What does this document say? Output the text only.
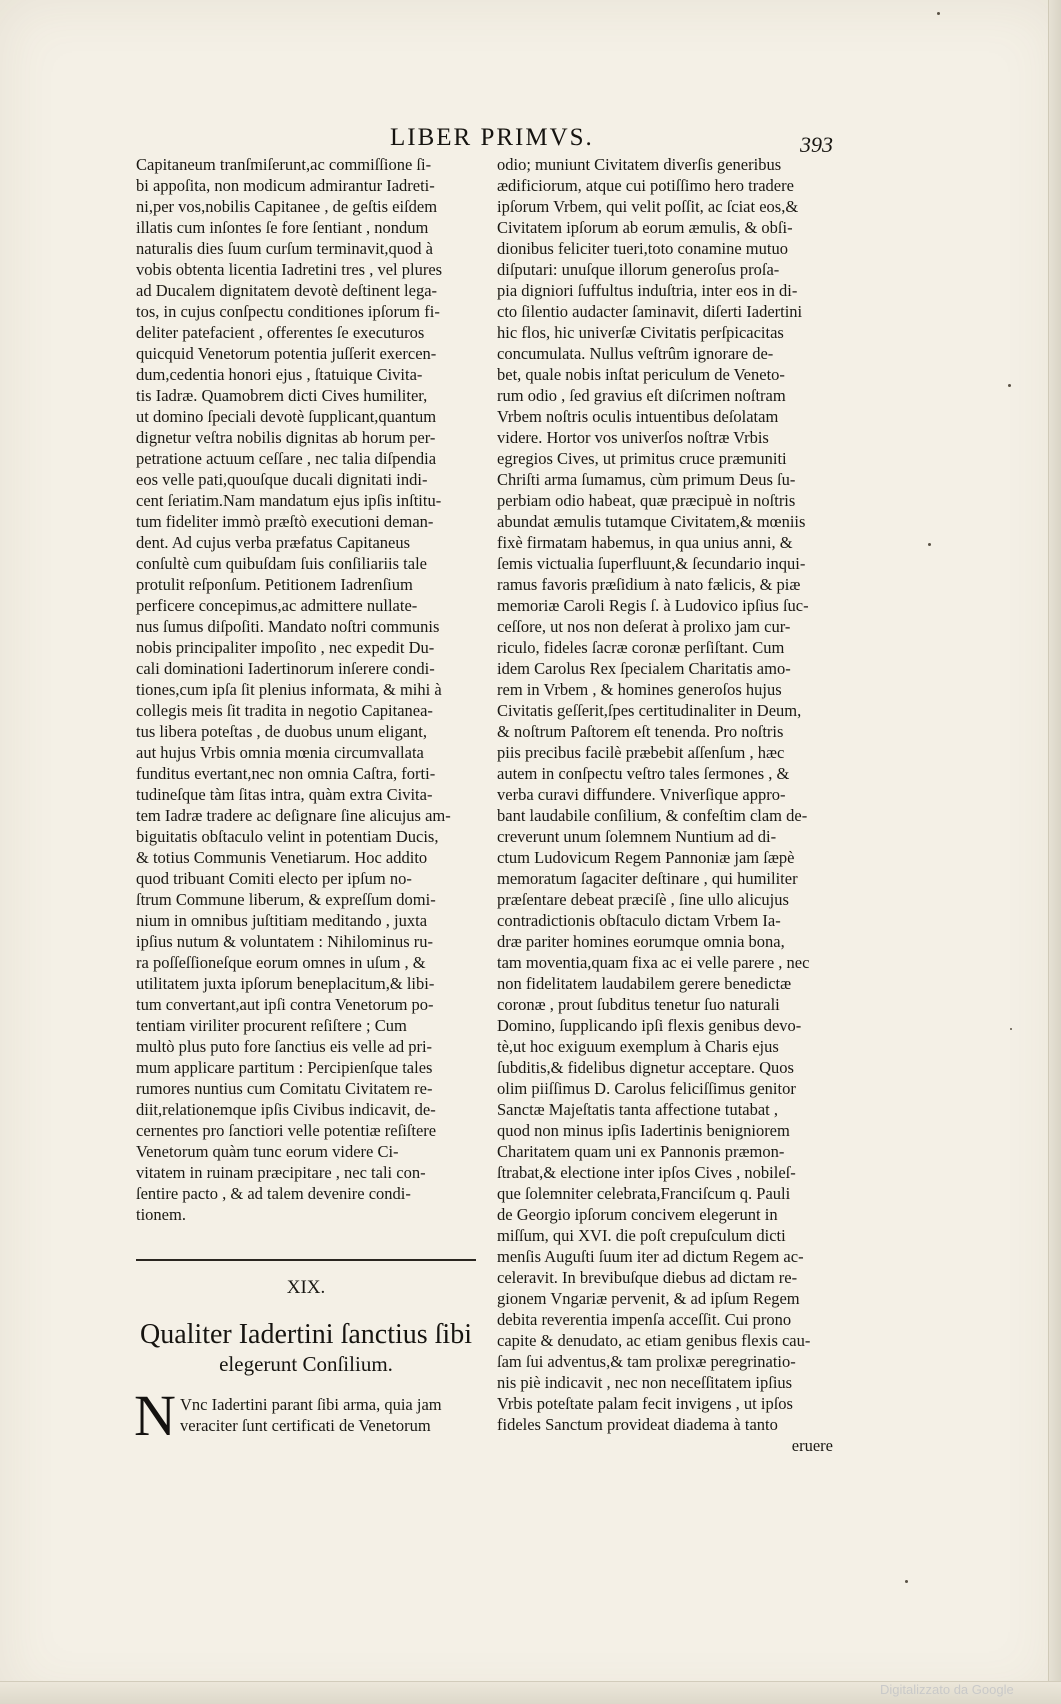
LIBER PRIMVS.	393
Capitaneum tranſmiſerunt,ac commiſſione ſi-
bi appoſita, non modicum admirantur Iadreti-
ni,per vos,nobilis Capitanee , de geſtis eiſdem
illatis cum inſontes ſe fore ſentiant , nondum
naturalis dies ſuum curſum terminavit,quod à
vobis obtenta licentia Iadretini tres , vel plures
ad Ducalem dignitatem devotè deſtinent lega-
tos, in cujus conſpectu conditiones ipſorum fi-
deliter patefacient , offerentes ſe executuros
quicquid Venetorum potentia juſſerit exercen-
dum,cedentia honori ejus , ſtatuique Civita-
tis Iadræ. Quamobrem dicti Cives humiliter,
ut domino ſpeciali devotè ſupplicant,quantum
dignetur veſtra nobilis dignitas ab horum per-
petratione actuum ceſſare , nec talia diſpendia
eos velle pati,quouſque ducali dignitati indi-
cent ſeriatim.Nam mandatum ejus ipſis inſtitu-
tum fideliter immò præſtò executioni deman-
dent. Ad cujus verba præfatus Capitaneus
conſultè cum quibuſdam ſuis conſiliariis tale
protulit reſponſum. Petitionem Iadrenſium
perficere concepimus,ac admittere nullate-
nus ſumus diſpoſiti. Mandato noſtri communis
nobis principaliter impoſito , nec expedit Du-
cali dominationi Iadertinorum inſerere condi-
tiones,cum ipſa ſit plenius informata, & mihi à
collegis meis ſit tradita in negotio Capitanea-
tus libera poteſtas , de duobus unum eligant,
aut hujus Vrbis omnia mœnia circumvallata
funditus evertant,nec non omnia Caſtra, forti-
tudineſque tàm ſitas intra, quàm extra Civita-
tem Iadræ tradere ac deſignare ſine alicujus am-
biguitatis obſtaculo velint in potentiam Ducis,
& totius Communis Venetiarum. Hoc addito
quod tribuant Comiti electo per ipſum no-
ſtrum Commune liberum, & expreſſum domi-
nium in omnibus juſtitiam meditando , juxta
ipſius nutum & voluntatem : Nihilominus ru-
ra poſſeſſioneſque eorum omnes in uſum , &
utilitatem juxta ipſorum beneplacitum,& libi-
tum convertant,aut ipſi contra Venetorum po-
tentiam viriliter procurent reſiſtere ; Cum
multò plus puto fore ſanctius eis velle ad pri-
mum applicare partitum : Percipienſque tales
rumores nuntius cum Comitatu Civitatem re-
diit,relationemque ipſis Civibus indicavit, de-
cernentes pro ſanctiori velle potentiæ reſiſtere
Venetorum quàm tunc eorum videre Ci-
vitatem in ruinam præcipitare , nec tali con-
ſentire pacto , & ad talem devenire condi-
tionem.
XIX.
Qualiter Iadertini ſanctius ſibi
elegerunt Conſilium.
N Vnc Iadertini parant ſibi arma, quia jam
veraciter ſunt certificati de Venetorum
odio; muniunt Civitatem diverſis generibus
ædificiorum, atque cui potiſſimo hero tradere
ipſorum Vrbem, qui velit poſſit, ac ſciat eos,&
Civitatem ipſorum ab eorum æmulis, & obſi-
dionibus feliciter tueri,toto conamine mutuo
diſputari: unuſque illorum generoſus proſa-
pia digniori ſuffultus induſtria, inter eos in di-
cto ſilentio audacter ſaminavit, diſerti Iadertini
hic flos, hic univerſæ Civitatis perſpicacitas
concumulata. Nullus veſtrûm ignorare de-
bet, quale nobis inſtat periculum de Veneto-
rum odio , ſed gravius eſt diſcrimen noſtram
Vrbem noſtris oculis intuentibus deſolatam
videre. Hortor vos univerſos noſtræ Vrbis
egregios Cives, ut primitus cruce præmuniti
Chriſti arma ſumamus, cùm primum Deus ſu-
perbiam odio habeat, quæ præcipuè in noſtris
abundat æmulis tutamque Civitatem,& mœniis
fixè firmatam habemus, in qua unius anni, &
ſemis victualia ſuperfluunt,& ſecundario inqui-
ramus favoris præſidium à nato fælicis, & piæ
memoriæ Caroli Regis ſ. à Ludovico ipſius ſuc-
ceſſore, ut nos non deſerat à prolixo jam cur-
riculo, fideles ſacræ coronæ perſiſtant. Cum
idem Carolus Rex ſpecialem Charitatis amo-
rem in Vrbem , & homines generoſos hujus
Civitatis geſſerit,ſpes certitudinaliter in Deum,
& noſtrum Paſtorem eſt tenenda. Pro noſtris
piis precibus facilè præbebit aſſenſum , hæc
autem in conſpectu veſtro tales ſermones , &
verba curavi diffundere. Vniverſique appro-
bant laudabile conſilium, & confeſtim clam de-
creverunt unum ſolemnem Nuntium ad di-
ctum Ludovicum Regem Pannoniæ jam ſæpè
memoratum ſagaciter deſtinare , qui humiliter
præſentare debeat præciſè , ſine ullo alicujus
contradictionis obſtaculo dictam Vrbem Ia-
dræ pariter homines eorumque omnia bona,
tam moventia,quam fixa ac ei velle parere , nec
non fidelitatem laudabilem gerere benedictæ
coronæ , prout ſubditus tenetur ſuo naturali
Domino, ſupplicando ipſi flexis genibus devo-
tè,ut hoc exiguum exemplum à Charis ejus
ſubditis,& fidelibus dignetur acceptare. Quos
olim piiſſimus D. Carolus feliciſſimus genitor
Sanctæ Majeſtatis tanta affectione tutabat ,
quod non minus ipſis Iadertinis benigniorem
Charitatem quam uni ex Pannonis præmon-
ſtrabat,& electione inter ipſos Cives , nobileſ-
que ſolemniter celebrata,Franciſcum q. Pauli
de Georgio ipſorum concivem elegerunt in
miſſum, qui XVI. die poſt crepuſculum dicti
menſis Auguſti ſuum iter ad dictum Regem ac-
celeravit. In brevibuſque diebus ad dictam re-
gionem Vngariæ pervenit, & ad ipſum Regem
debita reverentia impenſa acceſſit. Cui prono
capite & denudato, ac etiam genibus flexis cau-
ſam ſui adventus,& tam prolixæ peregrinatio-
nis piè indicavit , nec non neceſſitatem ipſius
Vrbis poteſtate palam fecit invigens , ut ipſos
fideles Sanctum provideat diadema à tanto
eruere
Digitalizzato da Google
